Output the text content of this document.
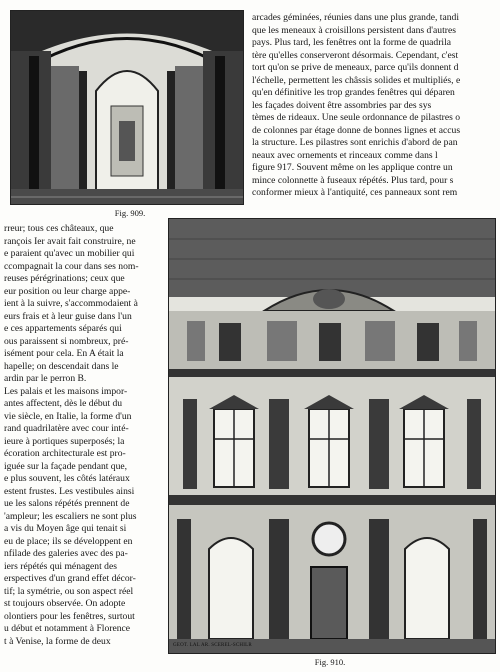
Fig. 909.
arcades géminées, réunies dans une plus grande, tandi
que les meneaux à croisillons persistent dans d'autres
pays. Plus tard, les fenêtres ont la forme de quadrila
tère qu'elles conserveront désormais. Cependant, c'est
tort qu'on se prive de meneaux, parce qu'ils donnent d
l'échelle, permettent les châssis solides et multipliés, e
qu'en définitive les trop grandes fenêtres qui déparen
les façades doivent être assombries par des sys
tèmes de rideaux. Une seule ordonnance de pilastres o
de colonnes par étage donne de bonnes lignes et accus
la structure. Les pilastres sont enrichis d'abord de pan
neaux avec ornements et rinceaux comme dans l
figure 917. Souvent même on les applique contre un
mince colonnette à fuseaux répétés. Plus tard, pour s
conformer mieux à l'antiquité, ces panneaux sont rem
rreur; tous ces châteaux, que
rançois Ier avait fait construire, ne
e paraient qu'avec un mobilier qui
ccompagnait la cour dans ses nom-
reuses pérégrinations; ceux que
eur position ou leur charge appe-
ient à la suivre, s'accommodaient à
eurs frais et à leur guise dans l'un
e ces appartements séparés qui
ous paraissent si nombreux, pré-
isément pour cela. En A était la
hapelle; on descendait dans le
ardin par le perron B.
Les palais et les maisons impor-
antes affectent, dès le début du
vie siècle, en Italie, la forme d'un
rand quadrilatère avec cour inté-
ieure à portiques superposés; la
écoration architecturale est pro-
iguée sur la façade pendant que,
e plus souvent, les côtés latéraux
estent frustes. Les vestibules ainsi
ue les salons répétés prennent de
'ampleur; les escaliers ne sont plus
a vis du Moyen âge qui tenait si
eu de place; ils se développent en
nfilade des galeries avec des pa-
iers répétés qui ménagent des
erspectives d'un grand effet décor-
tif; la symétrie, ou son aspect réel
st toujours observée. On adopte
olontiers pour les fenêtres, surtout
u début et notamment à Florence
t à Venise, la forme de deux	GEOT. LAL AR. SCEREL-SCHILR
Fig. 910.
